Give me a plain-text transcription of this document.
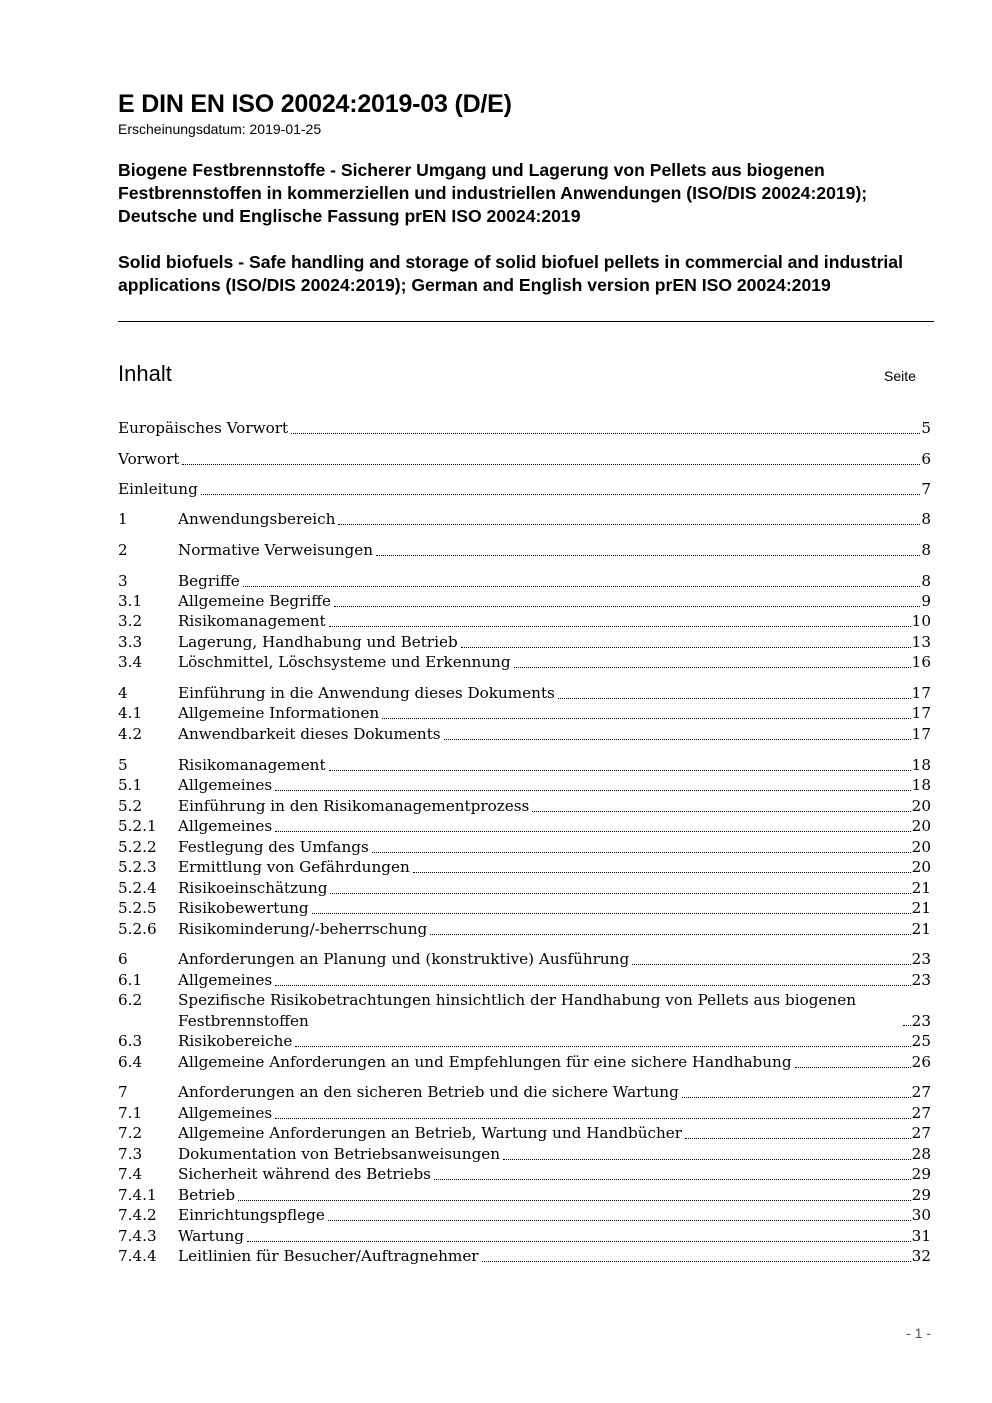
E DIN EN ISO 20024:2019-03 (D/E)
Erscheinungsdatum: 2019-01-25
Biogene Festbrennstoffe - Sicherer Umgang und Lagerung von Pellets aus biogenen Festbrennstoffen in kommerziellen und industriellen Anwendungen (ISO/DIS 20024:2019); Deutsche und Englische Fassung prEN ISO 20024:2019
Solid biofuels - Safe handling and storage of solid biofuel pellets in commercial and industrial applications (ISO/DIS 20024:2019); German and English version prEN ISO 20024:2019
Inhalt	Seite
Europäisches Vorwort	5
Vorwort	6
Einleitung	7
1	Anwendungsbereich	8
2	Normative Verweisungen	8
3	Begriffe	8
3.1	Allgemeine Begriffe	9
3.2	Risikomanagement	10
3.3	Lagerung, Handhabung und Betrieb	13
3.4	Löschmittel, Löschsysteme und Erkennung	16
4	Einführung in die Anwendung dieses Dokuments	17
4.1	Allgemeine Informationen	17
4.2	Anwendbarkeit dieses Dokuments	17
5	Risikomanagement	18
5.1	Allgemeines	18
5.2	Einführung in den Risikomanagementprozess	20
5.2.1	Allgemeines	20
5.2.2	Festlegung des Umfangs	20
5.2.3	Ermittlung von Gefährdungen	20
5.2.4	Risikoeinschätzung	21
5.2.5	Risikobewertung	21
5.2.6	Risikominderung/-beherrschung	21
6	Anforderungen an Planung und (konstruktive) Ausführung	23
6.1	Allgemeines	23
6.2	Spezifische Risikobetrachtungen hinsichtlich der Handhabung von Pellets aus biogenen Festbrennstoffen	23
6.3	Risikobereiche	25
6.4	Allgemeine Anforderungen an und Empfehlungen für eine sichere Handhabung	26
7	Anforderungen an den sicheren Betrieb und die sichere Wartung	27
7.1	Allgemeines	27
7.2	Allgemeine Anforderungen an Betrieb, Wartung und Handbücher	27
7.3	Dokumentation von Betriebsanweisungen	28
7.4	Sicherheit während des Betriebs	29
7.4.1	Betrieb	29
7.4.2	Einrichtungspflege	30
7.4.3	Wartung	31
7.4.4	Leitlinien für Besucher/Auftragnehmer	32
- 1 -
